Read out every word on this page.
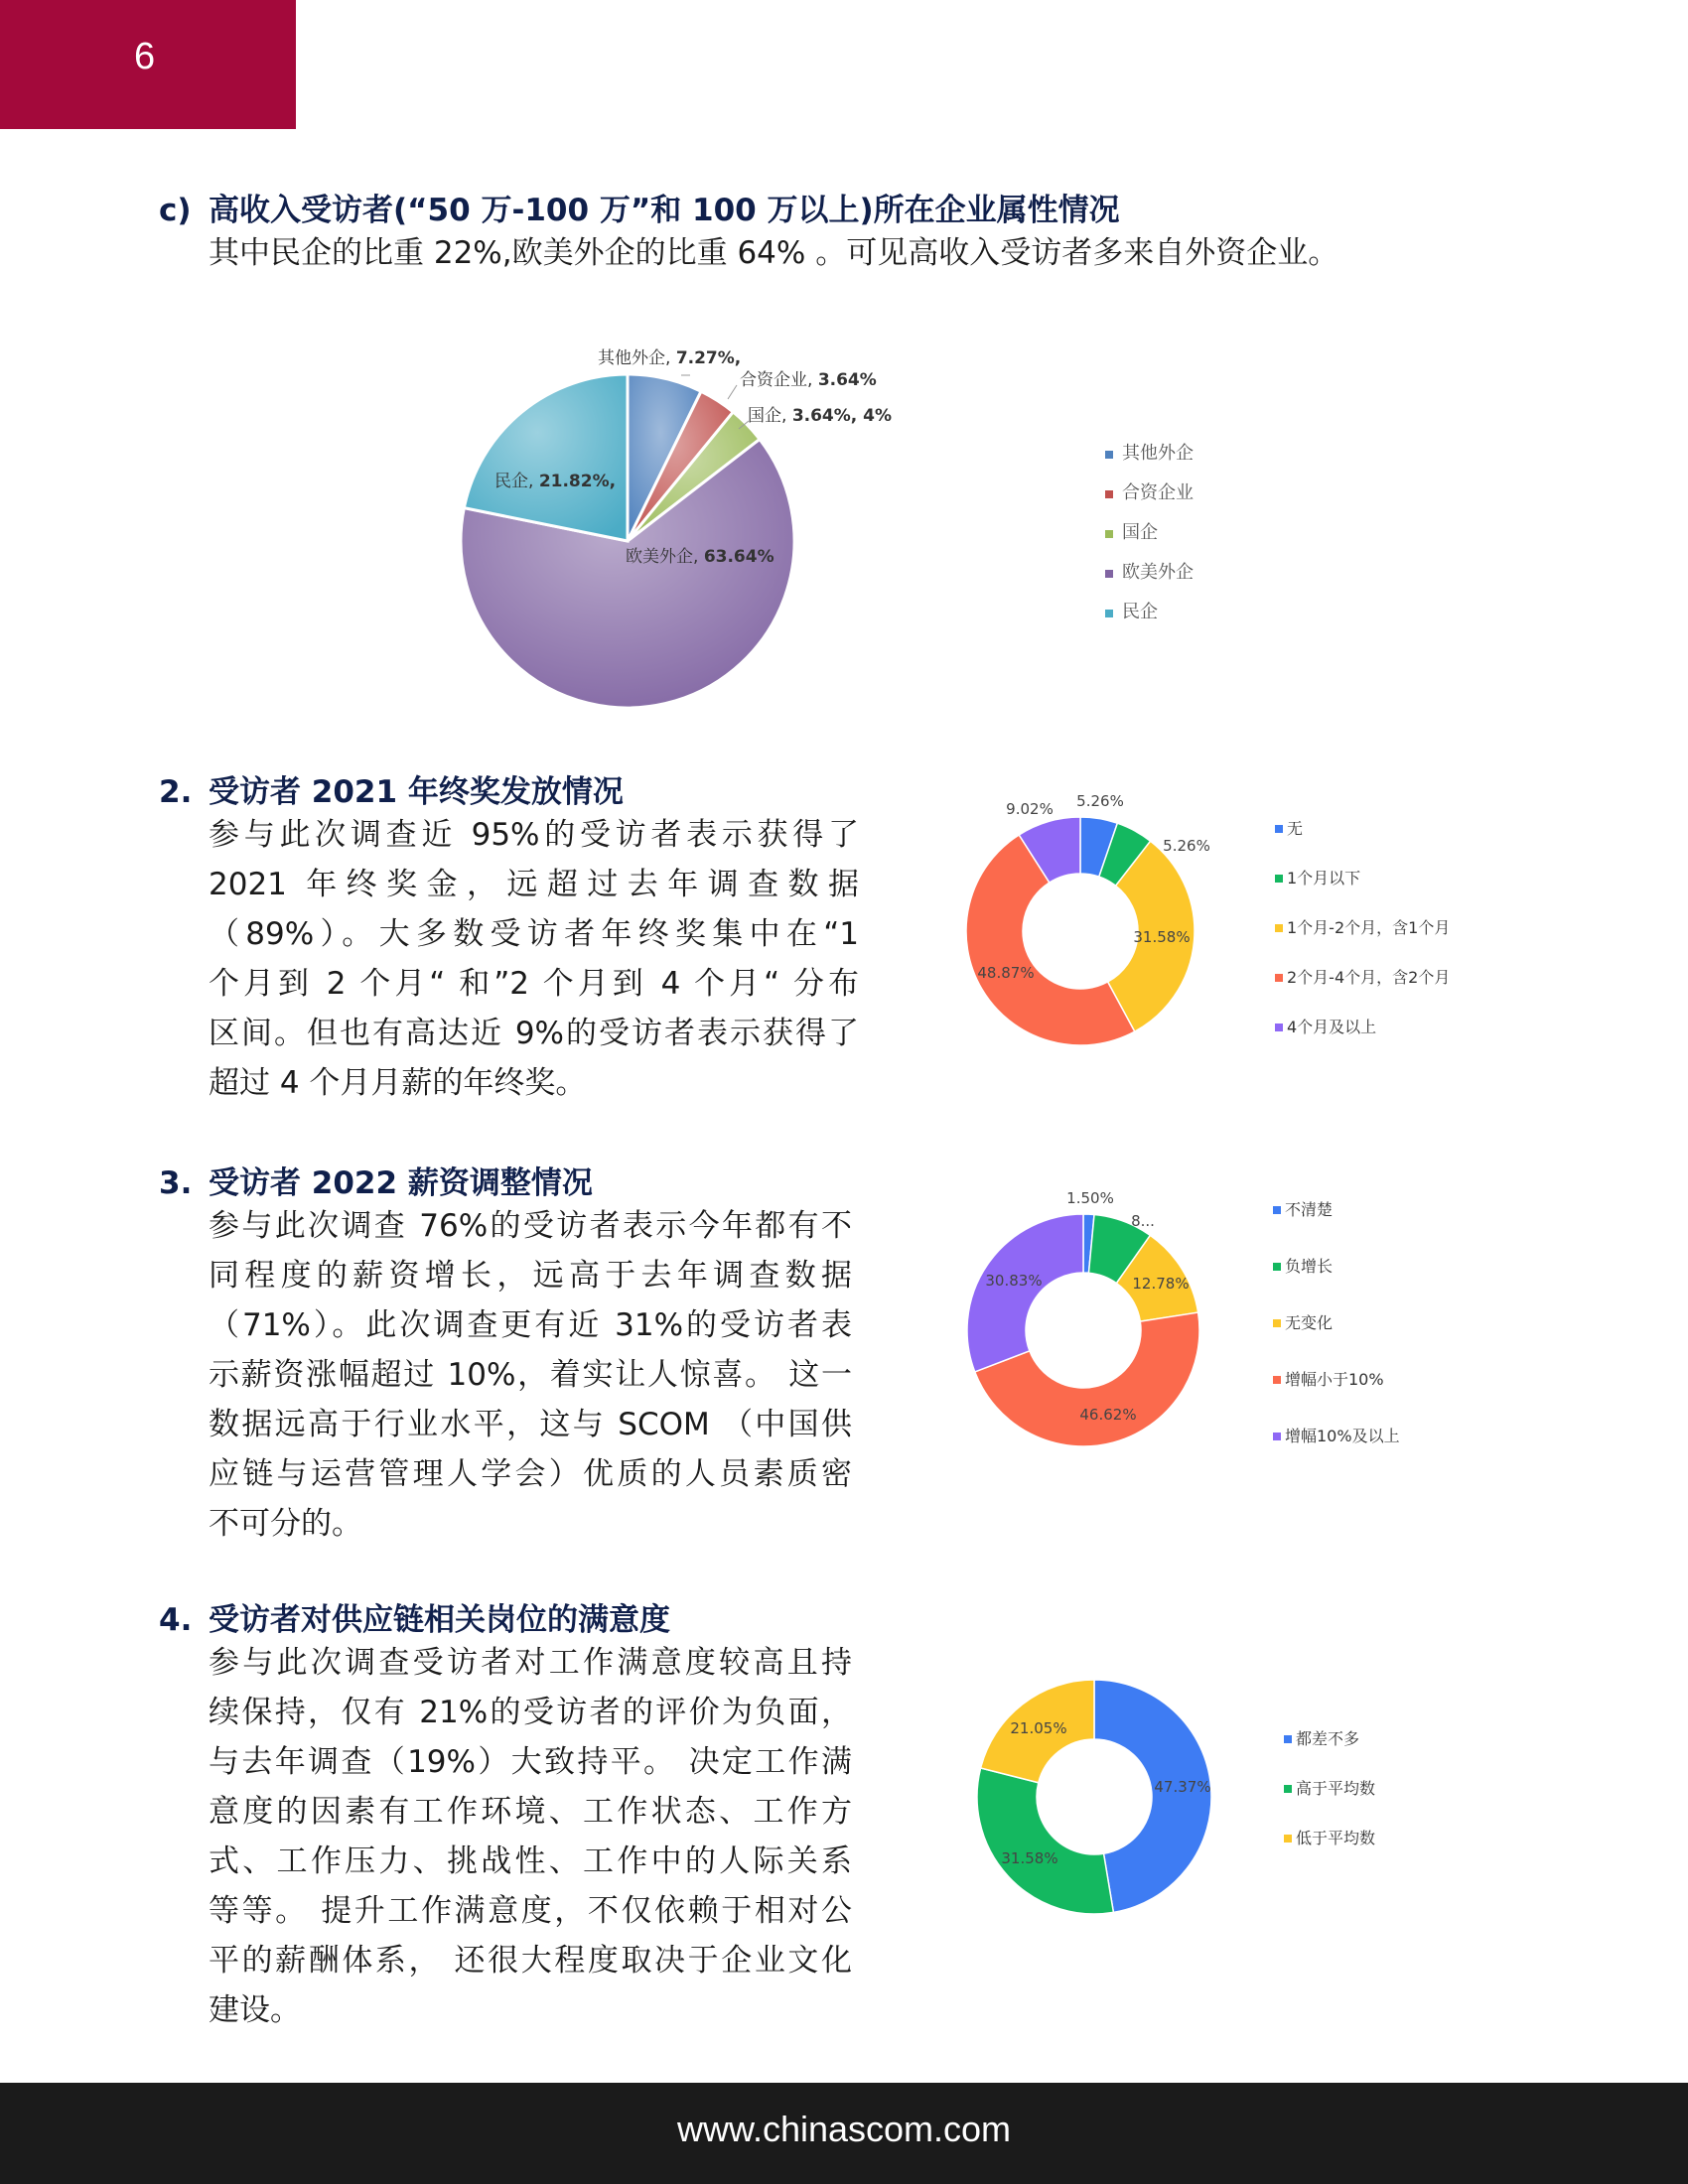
6
c) 高收入受访者(“50 万-100 万”和 100 万以上)所在企业属性情况
其中民企的比重 22%,欧美外企的比重 64% 。可见高收入受访者多来自外资企业。
其他外企, 7.27%,
合资企业, 3.64%
国企, 3.64%, 4%
欧美外企, 63.64%
民企, 21.82%,
其他外企
合资企业
国企
欧美外企
民企
2. 受访者 2021 年终奖发放情况
参与此次调查近 95%的受访者表示获得了
2021 年终奖金，远超过去年调查数据
（89%）。大多数受访者年终奖集中在“1
个月到 2 个月“ 和”2 个月到 4 个月“ 分布
区间。但也有高达近 9%的受访者表示获得了
超过 4 个月月薪的年终奖。
5.26%
5.26%
31.58%
48.87%
9.02%
无
1个月以下
1个月-2个月，含1个月
2个月-4个月，含2个月
4个月及以上
3. 受访者 2022 薪资调整情况
参与此次调查 76%的受访者表示今年都有不
同程度的薪资增长，远高于去年调查数据
（71%）。此次调查更有近 31%的受访者表
示薪资涨幅超过 10%，着实让人惊喜。 这一
数据远高于行业水平，这与 SCOM （中国供
应链与运营管理人学会）优质的人员素质密
不可分的。
1.50%
8...
12.78%
46.62%
30.83%
不清楚
负增长
无变化
增幅小于10%
增幅10%及以上
4. 受访者对供应链相关岗位的满意度
参与此次调查受访者对工作满意度较高且持
续保持，仅有 21%的受访者的评价为负面，
与去年调查（19%）大致持平。 决定工作满
意度的因素有工作环境、工作状态、工作方
式、工作压力、挑战性、工作中的人际关系
等等。 提升工作满意度，不仅依赖于相对公
平的薪酬体系， 还很大程度取决于企业文化
建设。
47.37%
31.58%
21.05%
都差不多
高于平均数
低于平均数
www.chinascom.com
